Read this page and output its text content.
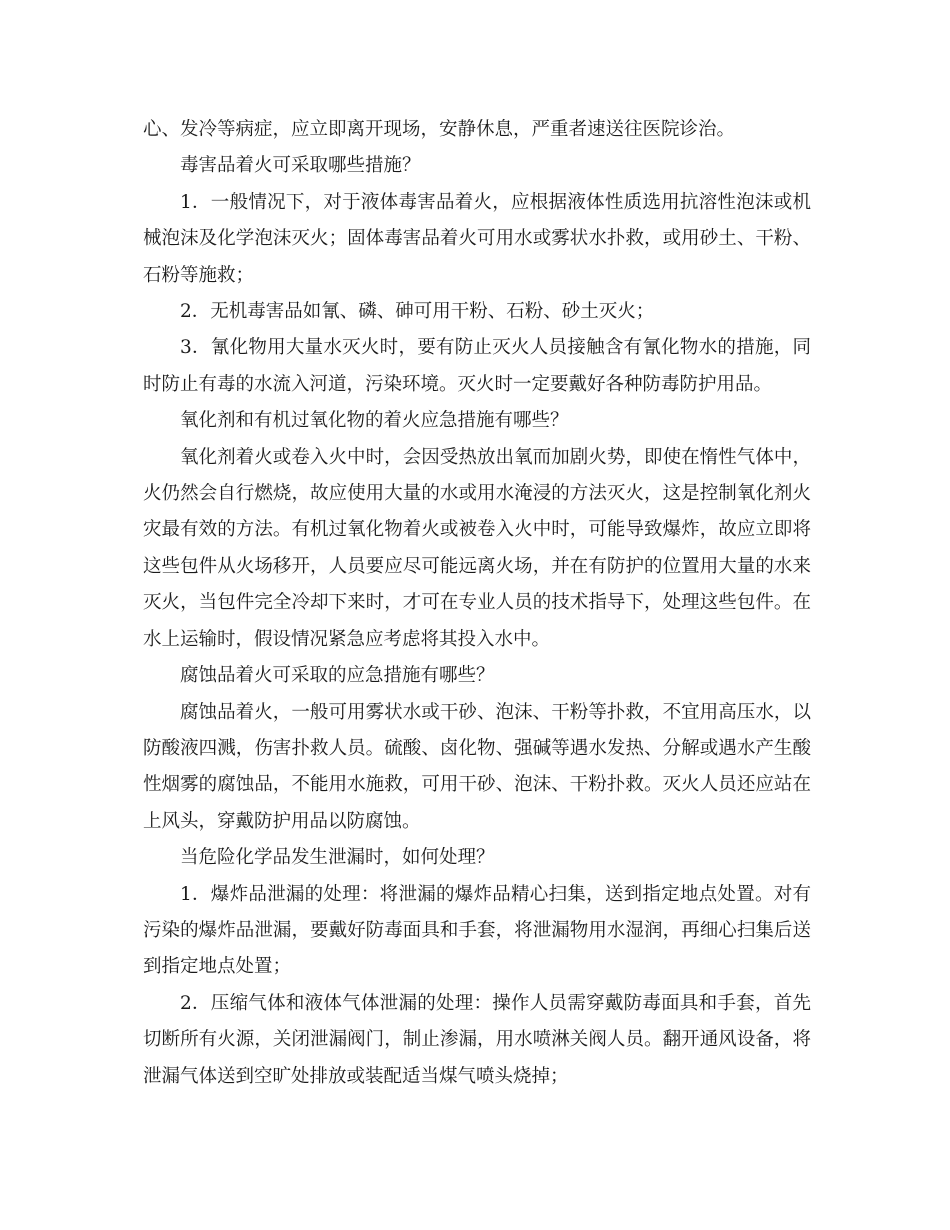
心、发冷等病症，应立即离开现场，安静休息，严重者速送往医院诊治。

毒害品着火可采取哪些措施？

1．一般情况下，对于液体毒害品着火，应根据液体性质选用抗溶性泡沫或机械泡沫及化学泡沫灭火；固体毒害品着火可用水或雾状水扑救，或用砂土、干粉、石粉等施救；

2．无机毒害品如氰、磷、砷可用干粉、石粉、砂土灭火；

3．氰化物用大量水灭火时，要有防止灭火人员接触含有氰化物水的措施，同时防止有毒的水流入河道，污染环境。灭火时一定要戴好各种防毒防护用品。

氧化剂和有机过氧化物的着火应急措施有哪些？

氧化剂着火或卷入火中时，会因受热放出氧而加剧火势，即使在惰性气体中，火仍然会自行燃烧，故应使用大量的水或用水淹浸的方法灭火，这是控制氧化剂火灾最有效的方法。有机过氧化物着火或被卷入火中时，可能导致爆炸，故应立即将这些包件从火场移开，人员要应尽可能远离火场，并在有防护的位置用大量的水来灭火，当包件完全冷却下来时，才可在专业人员的技术指导下，处理这些包件。在水上运输时，假设情况紧急应考虑将其投入水中。

腐蚀品着火可采取的应急措施有哪些？

腐蚀品着火，一般可用雾状水或干砂、泡沫、干粉等扑救，不宜用高压水，以防酸液四溅，伤害扑救人员。硫酸、卤化物、强碱等遇水发热、分解或遇水产生酸性烟雾的腐蚀品，不能用水施救，可用干砂、泡沫、干粉扑救。灭火人员还应站在上风头，穿戴防护用品以防腐蚀。

当危险化学品发生泄漏时，如何处理？

1．爆炸品泄漏的处理：将泄漏的爆炸品精心扫集，送到指定地点处置。对有污染的爆炸品泄漏，要戴好防毒面具和手套，将泄漏物用水湿润，再细心扫集后送到指定地点处置；

2．压缩气体和液体气体泄漏的处理：操作人员需穿戴防毒面具和手套，首先切断所有火源，关闭泄漏阀门，制止渗漏，用水喷淋关阀人员。翻开通风设备，将泄漏气体送到空旷处排放或装配适当煤气喷头烧掉；
